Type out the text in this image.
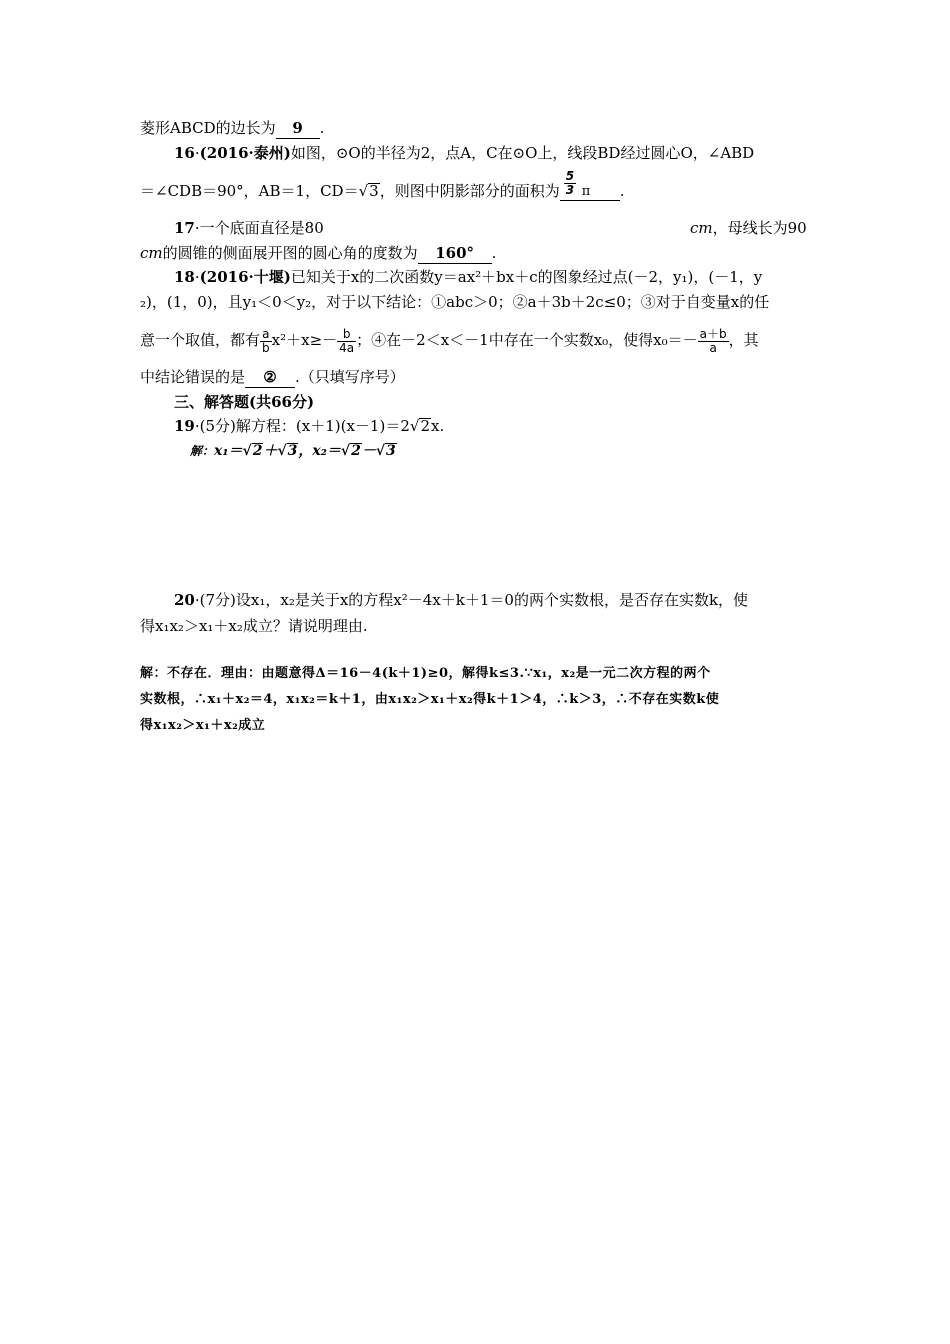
菱形ABCD的边长为 9 .
16·(2016·泰州)如图，⊙O的半径为2，点A，C在⊙O上，线段BD经过圆心O，∠ABD
＝∠CDB＝90°，AB＝1，CD＝√3，则图中阴影部分的面积为 $\frac{5}{3}$ π .
17·一个底面直径是80	cm，母线长为90
cm的圆锥的侧面展开图的圆心角的度数为 160° .
18·(2016·十堰)已知关于x的二次函数y＝ax²＋bx＋c的图象经过点(－2，y₁)，(－1，y
₂)，(1，0)，且y₁＜0＜y₂，对于以下结论：①abc＞0；②a＋3b＋2c≤0；③对于自变量x的任
意一个取值，都有 $\frac{a}{b} x^2+x\ge- \frac{b}{4a}$ ；④在－2＜x＜－1中存在一个实数x₀，使得$x_0=- \frac{a+b}{a}$ ，其
中结论错误的是 ② .（只填写序号）
三、解答题(共66分)
19·(5分)解方程：(x＋1)(x－1)＝2√2x.
解：x₁＝√2＋√3，x₂＝√2－√3
20·(7分)设x₁，x₂是关于x的方程x²－4x＋k＋1＝0的两个实数根，是否存在实数k，使
得x₁x₂＞x₁＋x₂成立？请说明理由.
解：不存在．理由：由题意得Δ＝16－4(k＋1)≥0，解得k≤3.∵x₁，x₂是一元二次方程的两个
实数根，∴x₁＋x₂＝4，x₁x₂＝k＋1，由x₁x₂＞x₁＋x₂得k＋1＞4，∴k＞3，∴不存在实数k使
得x₁x₂＞x₁＋x₂成立
